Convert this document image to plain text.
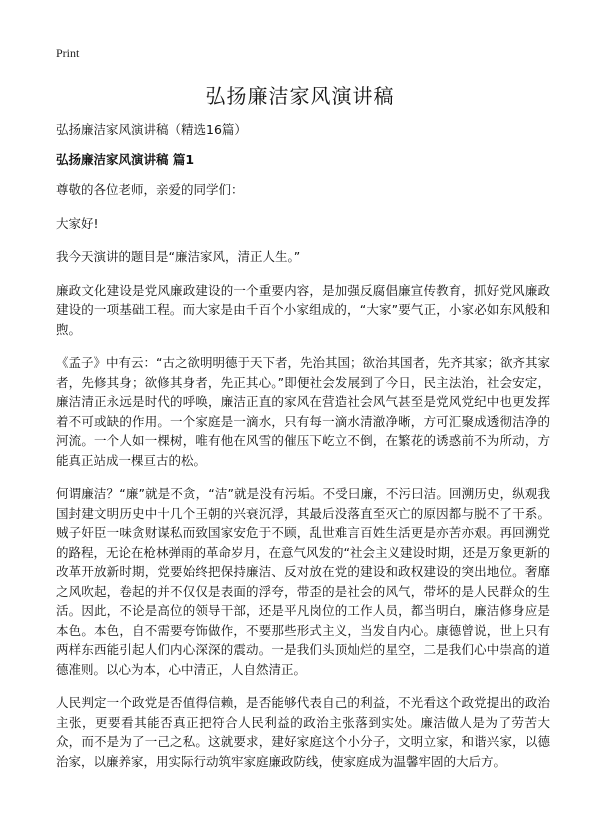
Print
弘扬廉洁家风演讲稿

弘扬廉洁家风演讲稿（精选16篇）

弘扬廉洁家风演讲稿 篇1

尊敬的各位老师，亲爱的同学们：

大家好!

我今天演讲的题目是“廉洁家风，清正人生。”

廉政文化建设是党风廉政建设的一个重要内容，是加强反腐倡廉宣传教育，抓好党风廉政建设的一项基础工程。而大家是由千百个小家组成的，“大家”要气正，小家必如东风般和煦。

《孟子》中有云：“古之欲明明德于天下者，先治其国；欲治其国者，先齐其家；欲齐其家者，先修其身；欲修其身者，先正其心。”即便社会发展到了今日，民主法治，社会安定，廉洁清正永远是时代的呼唤，廉洁正直的家风在营造社会风气甚至是党风党纪中也更发挥着不可或缺的作用。一个家庭是一滴水，只有每一滴水清澈净晰，方可汇聚成透彻洁净的河流。一个人如一棵树，唯有他在风雪的催压下屹立不倒，在繁花的诱惑前不为所动，方能真正站成一棵亘古的松。

何谓廉洁？“廉”就是不贪，“洁”就是没有污垢。不受曰廉，不污曰洁。回溯历史，纵观我国封建文明历史中十几个王朝的兴衰沉浮，其最后没落直至灭亡的原因都与脱不了干系。贼子奸臣一味贪财谋私而致国家安危于不顾，乱世难言百姓生活更是亦苦亦艰。再回溯党的路程，无论在枪林弹雨的革命岁月，在意气风发的“社会主义建设时期，还是万象更新的改革开放新时期，党要始终把保持廉洁、反对放在党的建设和政权建设的突出地位。奢靡之风吹起，卷起的并不仅仅是表面的浮夸，带歪的是社会的风气，带坏的是人民群众的生活。因此，不论是高位的领导干部，还是平凡岗位的工作人员，都当明白，廉洁修身应是本色。本色，自不需要夸饰做作，不要那些形式主义，当发自内心。康德曾说，世上只有两样东西能引起人们内心深深的震动。一是我们头顶灿烂的星空，二是我们心中崇高的道德准则。以心为本，心中清正，人自然清正。

人民判定一个政党是否值得信赖，是否能够代表自己的利益，不光看这个政党提出的政治主张，更要看其能否真正把符合人民利益的政治主张落到实处。廉洁做人是为了劳苦大众，而不是为了一己之私。这就要求，建好家庭这个小分子，文明立家，和谐兴家，以德治家，以廉养家，用实际行动筑牢家庭廉政防线，使家庭成为温馨牢固的大后方。
